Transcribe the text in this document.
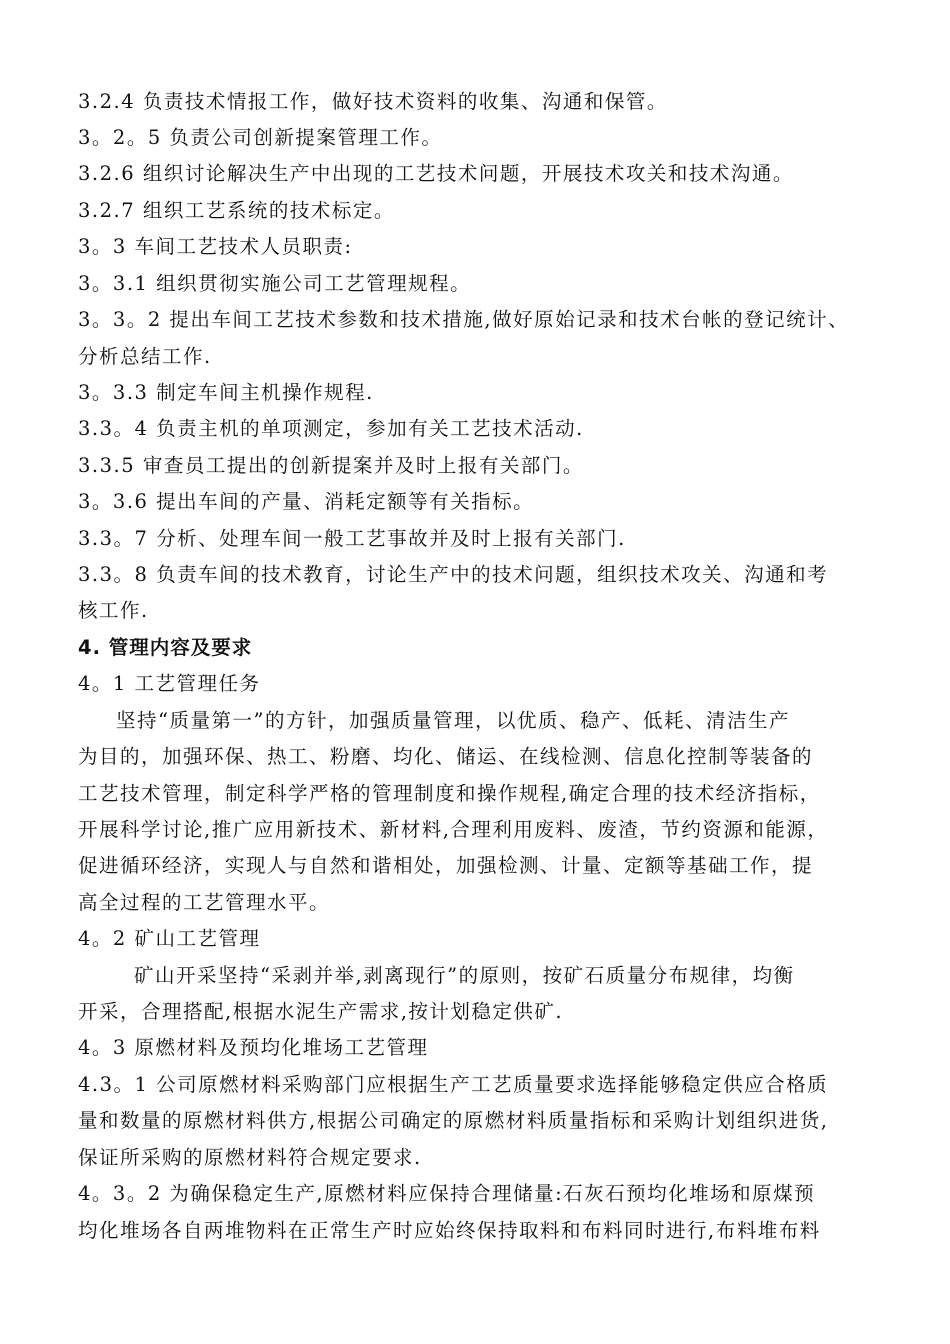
3.2.4 负责技术情报工作，做好技术资料的收集、沟通和保管。
3。2。5 负责公司创新提案管理工作。
3.2.6 组织讨论解决生产中出现的工艺技术问题，开展技术攻关和技术沟通。
3.2.7 组织工艺系统的技术标定。
3。3 车间工艺技术人员职责:
3。3.1 组织贯彻实施公司工艺管理规程。
3。3。2 提出车间工艺技术参数和技术措施,做好原始记录和技术台帐的登记统计、
分析总结工作.
3。3.3 制定车间主机操作规程.
3.3。4 负责主机的单项测定，参加有关工艺技术活动.
3.3.5 审查员工提出的创新提案并及时上报有关部门。
3。3.6 提出车间的产量、消耗定额等有关指标。
3.3。7 分析、处理车间一般工艺事故并及时上报有关部门.
3.3。8 负责车间的技术教育，讨论生产中的技术问题，组织技术攻关、沟通和考
核工作.
4. 管理内容及要求
4。1 工艺管理任务
坚持“质量第一”的方针，加强质量管理，以优质、稳产、低耗、清洁生产
为目的，加强环保、热工、粉磨、均化、储运、在线检测、信息化控制等装备的
工艺技术管理，制定科学严格的管理制度和操作规程,确定合理的技术经济指标，
开展科学讨论,推广应用新技术、新材料,合理利用废料、废渣，节约资源和能源，
促进循环经济，实现人与自然和谐相处，加强检测、计量、定额等基础工作，提
高全过程的工艺管理水平。
4。2 矿山工艺管理
矿山开采坚持“采剥并举,剥离现行”的原则，按矿石质量分布规律，均衡
开采，合理搭配,根据水泥生产需求,按计划稳定供矿.
4。3 原燃材料及预均化堆场工艺管理
4.3。1 公司原燃材料采购部门应根据生产工艺质量要求选择能够稳定供应合格质
量和数量的原燃材料供方,根据公司确定的原燃材料质量指标和采购计划组织进货,
保证所采购的原燃材料符合规定要求.
4。3。2 为确保稳定生产,原燃材料应保持合理储量:石灰石预均化堆场和原煤预
均化堆场各自两堆物料在正常生产时应始终保持取料和布料同时进行,布料堆布料
